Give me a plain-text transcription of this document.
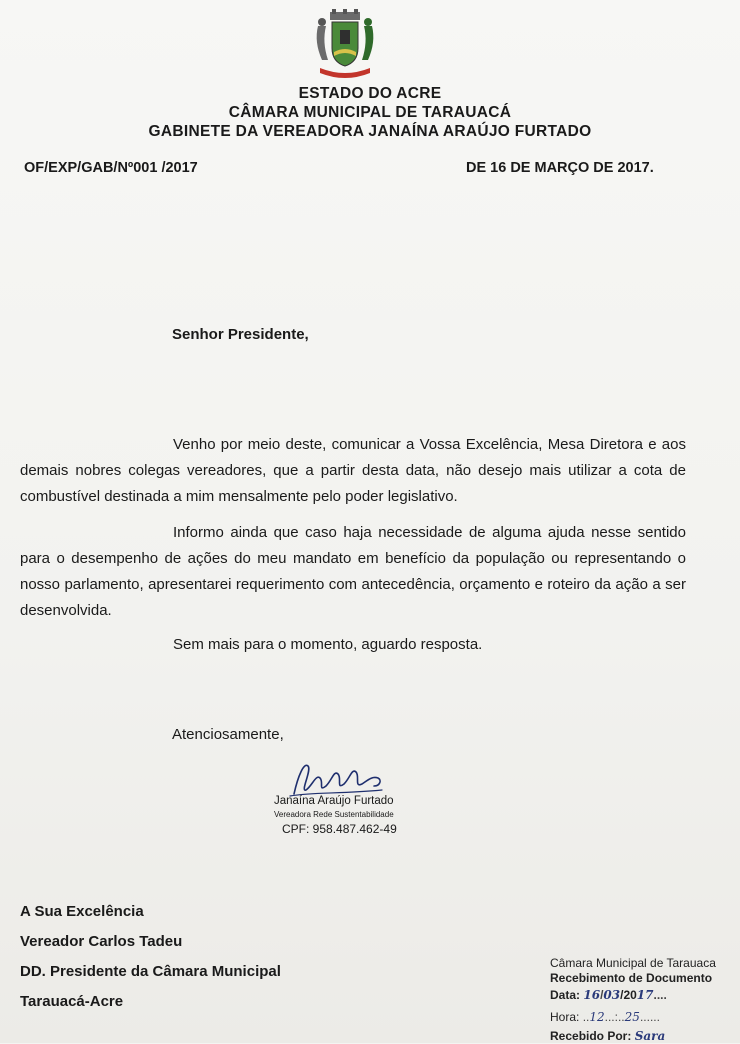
ESTADO DO ACRE
CÂMARA MUNICIPAL DE TARAUACÁ
GABINETE DA VEREADORA JANAÍNA ARAÚJO FURTADO
OF/EXP/GAB/Nº001 /2017	DE 16 DE MARÇO DE 2017.
Senhor Presidente,
Venho por meio deste, comunicar a Vossa Excelência, Mesa Diretora e aos demais nobres colegas vereadores, que a partir desta data, não desejo mais utilizar a cota de combustível destinada a mim mensalmente pelo poder legislativo.
Informo ainda que caso haja necessidade de alguma ajuda nesse sentido para o desempenho de ações do meu mandato em benefício da população ou representando o nosso parlamento, apresentarei requerimento com antecedência, orçamento e roteiro da ação a ser desenvolvida.
Sem mais para o momento, aguardo resposta.
Atenciosamente,
Janaína Araújo Furtado
Vereadora Rede Sustentabilidade
CPF: 958.487.462-49
A Sua Excelência
Vereador Carlos Tadeu
DD. Presidente da Câmara Municipal
Tarauacá-Acre
Câmara Municipal de Tarauaca
Recebimento de Documento
Data: 16/03/2017....
Hora: ..12...:..25......
Recebido Por: Sara
